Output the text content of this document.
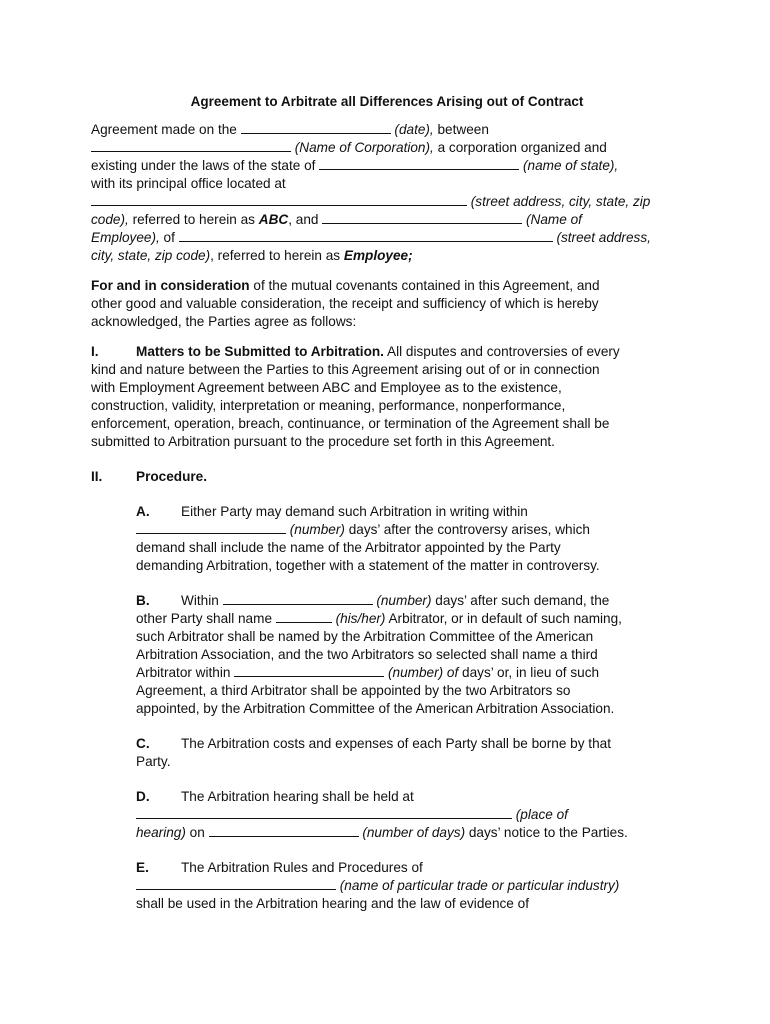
Agreement to Arbitrate all Differences Arising out of Contract
Agreement made on the	(date), between
(Name of Corporation), a corporation organized and
existing under the laws of the state of	(name of state),
with its principal office located at
(street address, city, state, zip
code), referred to herein as ABC, and	(Name of
Employee), of	(street address,
city, state, zip code), referred to herein as Employee;
For and in consideration of the mutual covenants contained in this Agreement, and
other good and valuable consideration, the receipt and sufficiency of which is hereby
acknowledged, the Parties agree as follows:
I.	Matters to be Submitted to Arbitration. All disputes and controversies of every
kind and nature between the Parties to this Agreement arising out of or in connection
with Employment Agreement between ABC and Employee as to the existence,
construction, validity, interpretation or meaning, performance, nonperformance,
enforcement, operation, breach, continuance, or termination of the Agreement shall be
submitted to Arbitration pursuant to the procedure set forth in this Agreement.
II. Procedure.
A. Either Party may demand such Arbitration in writing within
(number) days’ after the controversy arises, which
demand shall include the name of the Arbitrator appointed by the Party
demanding Arbitration, together with a statement of the matter in controversy.
B. Within	(number) days’ after such demand, the
other Party shall name	(his/her) Arbitrator, or in default of such naming,
such Arbitrator shall be named by the Arbitration Committee of the American
Arbitration Association, and the two Arbitrators so selected shall name a third
Arbitrator within	(number) of days’ or, in lieu of such
Agreement, a third Arbitrator shall be appointed by the two Arbitrators so
appointed, by the Arbitration Committee of the American Arbitration Association.
C. The Arbitration costs and expenses of each Party shall be borne by that
Party.
D. The Arbitration hearing shall be held at
(place of
hearing) on	(number of days) days’ notice to the Parties.
E. The Arbitration Rules and Procedures of
(name of particular trade or particular industry)
shall be used in the Arbitration hearing and the law of evidence of
